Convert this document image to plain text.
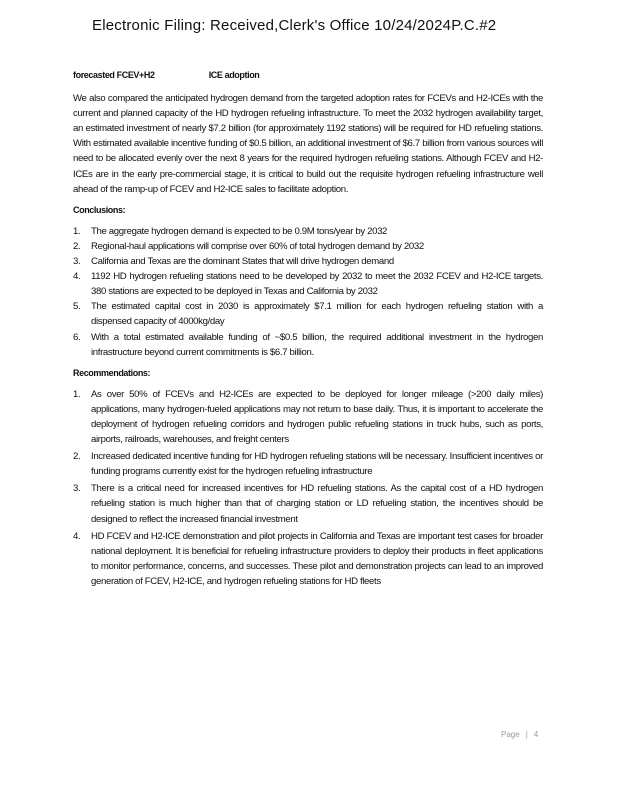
Electronic Filing: Received,Clerk's Office 10/24/2024P.C.#2
forecasted FCEV+H2	ICE adoption

We also compared the anticipated hydrogen demand from the targeted adoption rates for FCEVs and H2-ICEs with the current and planned capacity of the HD hydrogen refueling infrastructure. To meet the 2032 hydrogen availability target, an estimated investment of nearly $7.2 billion (for approximately 1192 stations) will be required for HD refueling stations. With estimated available incentive funding of $0.5 billion, an additional investment of $6.7 billion from various sources will need to be allocated evenly over the next 8 years for the required hydrogen refueling stations. Although FCEV and H2-ICEs are in the early pre-commercial stage, it is critical to build out the requisite hydrogen refueling infrastructure well ahead of the ramp-up of FCEV and H2-ICE sales to facilitate adoption.

Conclusions:
1. The aggregate hydrogen demand is expected to be 0.9M tons/year by 2032
2. Regional-haul applications will comprise over 60% of total hydrogen demand by 2032
3. California and Texas are the dominant States that will drive hydrogen demand
4. 1192 HD hydrogen refueling stations need to be developed by 2032 to meet the 2032 FCEV and H2-ICE targets. 380 stations are expected to be deployed in Texas and California by 2032
5. The estimated capital cost in 2030 is approximately $7.1 million for each hydrogen refueling station with a dispensed capacity of 4000kg/day
6. With a total estimated available funding of ~$0.5 billion, the required additional investment in the hydrogen infrastructure beyond current commitments is $6.7 billion.
Recommendations:
1. As over 50% of FCEVs and H2-ICEs are expected to be deployed for longer mileage (>200 daily miles) applications, many hydrogen-fueled applications may not return to base daily. Thus, it is important to accelerate the deployment of hydrogen refueling corridors and hydrogen public refueling stations in truck hubs, such as ports, airports, railroads, warehouses, and freight centers
2. Increased dedicated incentive funding for HD hydrogen refueling stations will be necessary. Insufficient incentives or funding programs currently exist for the hydrogen refueling infrastructure
3. There is a critical need for increased incentives for HD refueling stations. As the capital cost of a HD hydrogen refueling station is much higher than that of charging station or LD refueling station, the incentives should be designed to reflect the increased financial investment
4. HD FCEV and H2-ICE demonstration and pilot projects in California and Texas are important test cases for broader national deployment. It is beneficial for refueling infrastructure providers to deploy their products in fleet applications to monitor performance, concerns, and successes. These pilot and demonstration projects can lead to an improved generation of FCEV, H2-ICE, and hydrogen refueling stations for HD fleets
Page | 4
